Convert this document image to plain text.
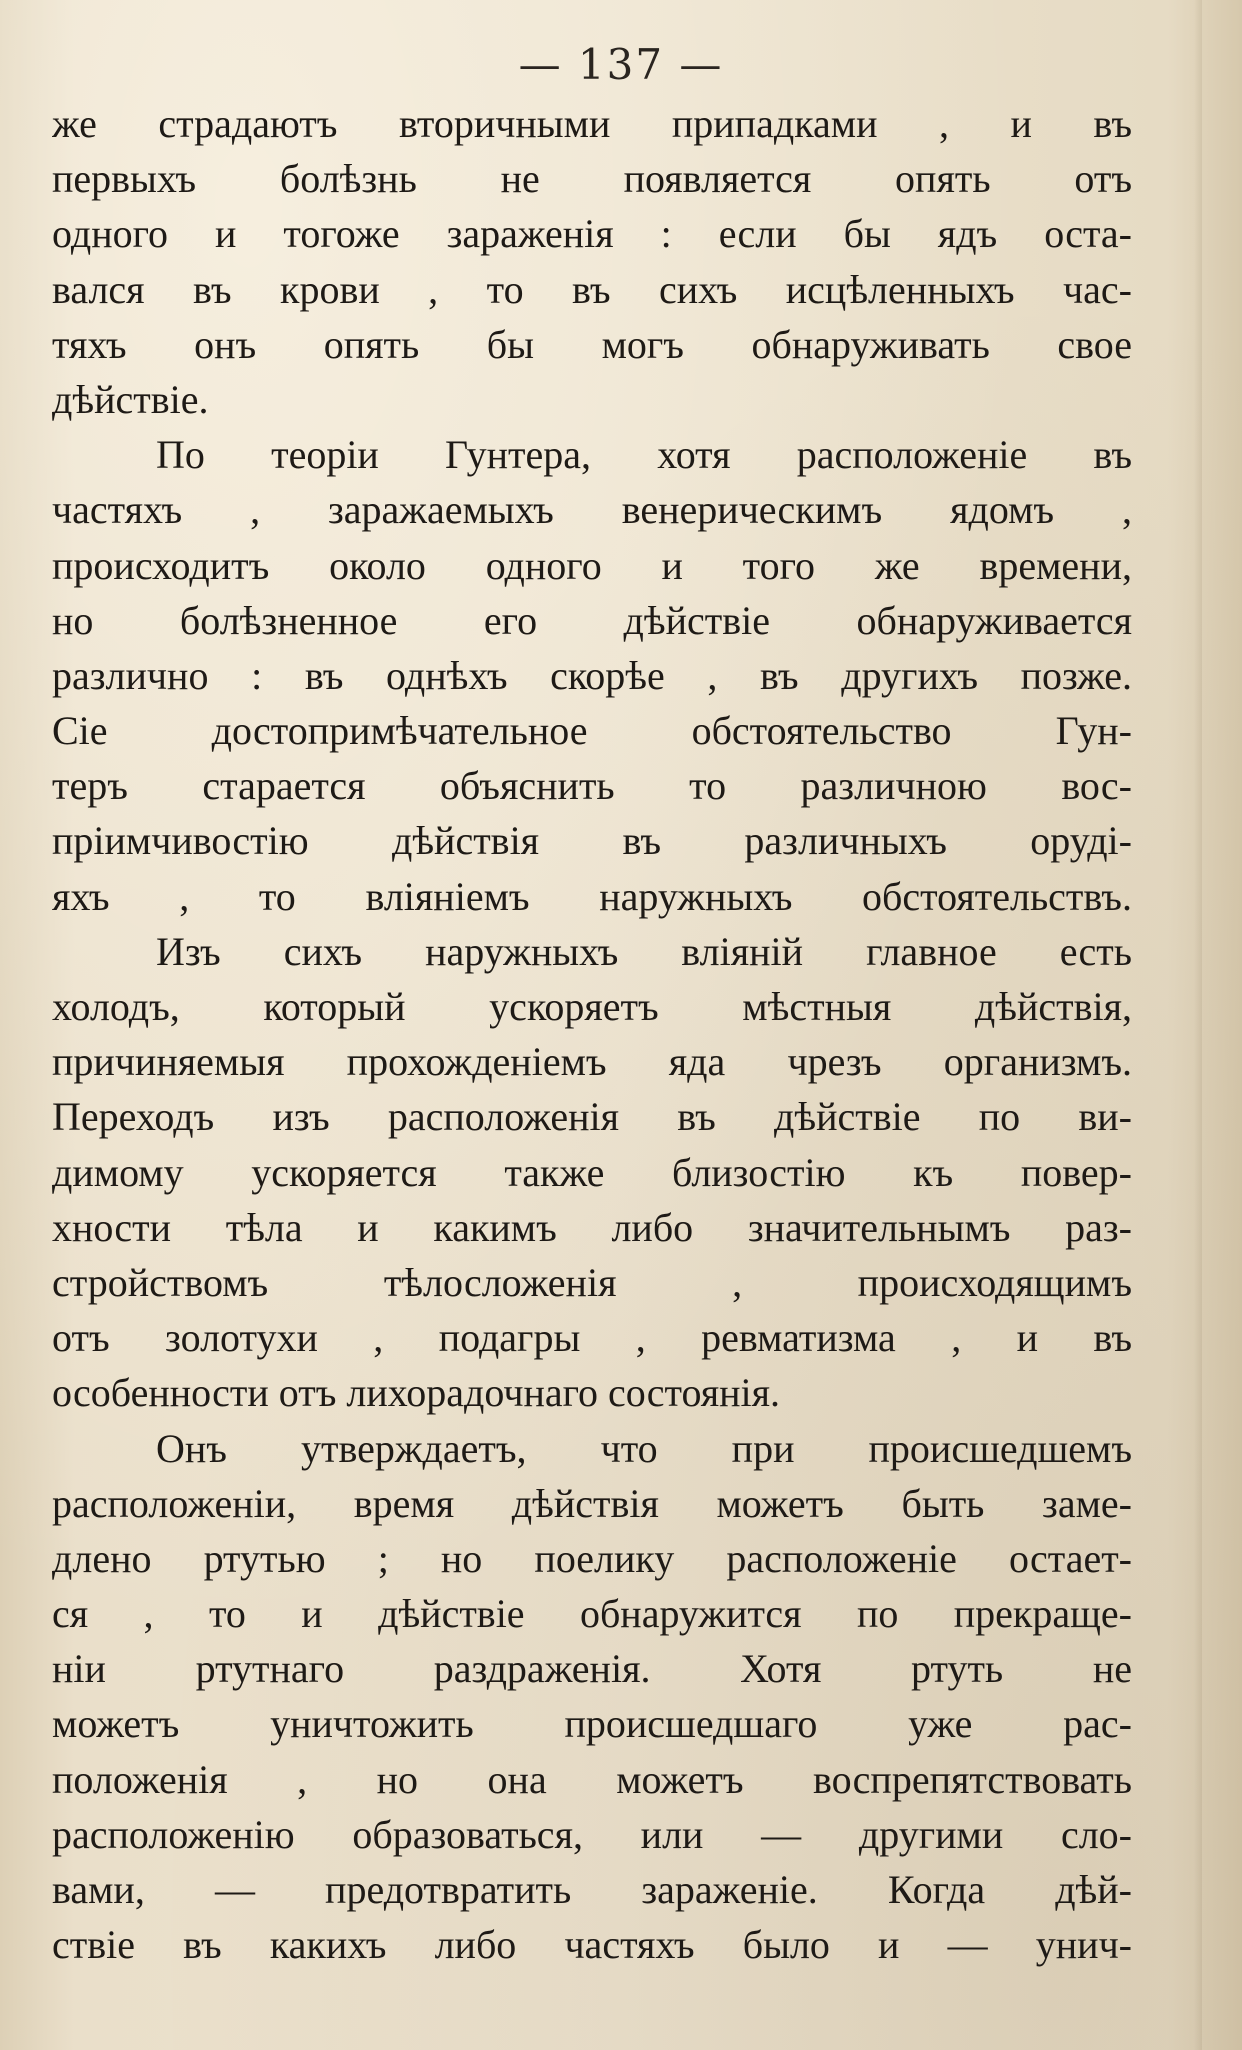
— 137 —
же страдаютъ вторичными припадками , и въ
первыхъ болѣзнь не появляется опять отъ
одного и тогоже зараженія : если бы ядъ оста-
вался въ крови , то въ сихъ исцѣленныхъ час-
тяхъ онъ опять бы могъ обнаруживать свое
дѣйствіе.
По теоріи Гунтера, хотя расположеніе въ
частяхъ , заражаемыхъ венерическимъ ядомъ ,
происходитъ около одного и того же времени,
но болѣзненное его дѣйствіе обнаруживается
различно : въ однѣхъ скорѣе , въ другихъ позже.
Сіе достопримѣчательное обстоятельство Гун-
теръ старается объяснить то различною вос-
пріимчивостію дѣйствія въ различныхъ оруді-
яхъ , то вліяніемъ наружныхъ обстоятельствъ.
Изъ сихъ наружныхъ вліяній главное есть
холодъ, который ускоряетъ мѣстныя дѣйствія,
причиняемыя прохожденіемъ яда чрезъ организмъ.
Переходъ изъ расположенія въ дѣйствіе по ви-
димому ускоряется также близостію къ повер-
хности тѣла и какимъ либо значительнымъ раз-
стройствомъ тѣлосложенія , происходящимъ
отъ золотухи , подагры , ревматизма , и въ
особенности отъ лихорадочнаго состоянія.
Онъ утверждаетъ, что при происшедшемъ
расположеніи, время дѣйствія можетъ быть заме-
длено ртутью ; но поелику расположеніе остает-
ся , то и дѣйствіе обнаружится по прекраще-
ніи ртутнаго раздраженія. Хотя ртуть не
можетъ уничтожить происшедшаго уже рас-
положенія , но она можетъ воспрепятствовать
расположенію образоваться, или — другими сло-
вами, — предотвратить зараженіе. Когда дѣй-
ствіе въ какихъ либо частяхъ было и — унич-
